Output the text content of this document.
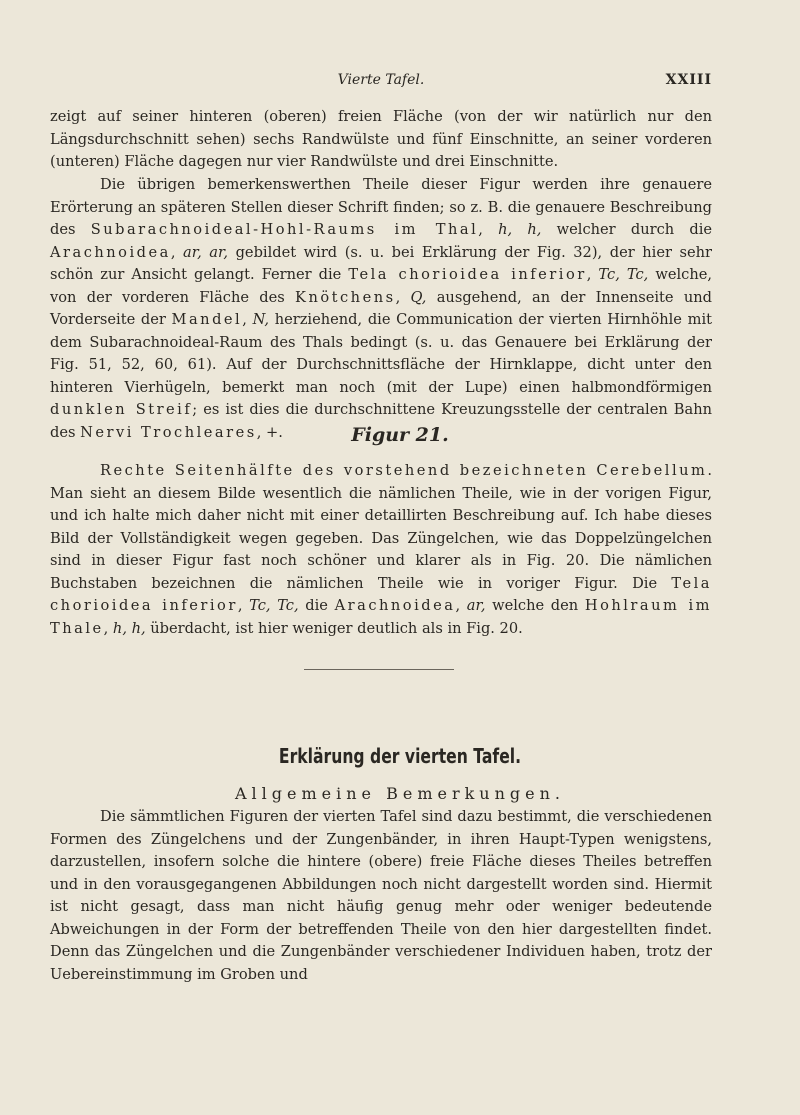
Vierte Tafel.	XXIII

zeigt auf seiner hinteren (oberen) freien Fläche (von der wir natürlich nur den Längsdurchschnitt sehen) sechs Randwülste und fünf Einschnitte, an seiner vorderen (unteren) Fläche dagegen nur vier Randwülste und drei Einschnitte.

Die übrigen bemerkenswerthen Theile dieser Figur werden ihre genauere Erörterung an späteren Stellen dieser Schrift finden; so z. B. die genauere Beschreibung des Subarachnoideal-Hohl-Raums im Thal, h, h, welcher durch die Arachnoidea, ar, ar, gebildet wird (s. u. bei Erklärung der Fig. 32), der hier sehr schön zur Ansicht gelangt. Ferner die Tela chorioidea inferior, Tc, Tc, welche, von der vorderen Fläche des Knötchens, Q, ausgehend, an der Innenseite und Vorderseite der Mandel, N, herziehend, die Communication der vierten Hirnhöhle mit dem Subarachnoideal-Raum des Thals bedingt (s. u. das Genauere bei Erklärung der Fig. 51, 52, 60, 61). Auf der Durchschnittsfläche der Hirnklappe, dicht unter den hinteren Vierhügeln, bemerkt man noch (mit der Lupe) einen halbmondförmigen dunklen Streif; es ist dies die durchschnittene Kreuzungsstelle der centralen Bahn des Nervi Trochleares, +.	Figur 21.

Rechte Seitenhälfte des vorstehend bezeichneten Cerebellum. Man sieht an diesem Bilde wesentlich die nämlichen Theile, wie in der vorigen Figur, und ich halte mich daher nicht mit einer detaillirten Beschreibung auf. Ich habe dieses Bild der Vollständigkeit wegen gegeben. Das Züngelchen, wie das Doppelzüngelchen sind in dieser Figur fast noch schöner und klarer als in Fig. 20. Die nämlichen Buchstaben bezeichnen die nämlichen Theile wie in voriger Figur. Die Tela chorioidea inferior, Tc, Tc, die Arachnoidea, ar, welche den Hohlraum im Thale, h, h, überdacht, ist hier weniger deutlich als in Fig. 20.

Erklärung der vierten Tafel.
Allgemeine Bemerkungen.

Die sämmtlichen Figuren der vierten Tafel sind dazu bestimmt, die verschiedenen Formen des Züngelchens und der Zungenbänder, in ihren Haupt-Typen wenigstens, darzustellen, insofern solche die hintere (obere) freie Fläche dieses Theiles betreffen und in den vorausgegangenen Abbildungen noch nicht dargestellt worden sind. Hiermit ist nicht gesagt, dass man nicht häufig genug mehr oder weniger bedeutende Abweichungen in der Form der betreffenden Theile von den hier dargestellten findet. Denn das Züngelchen und die Zungenbänder verschiedener Individuen haben, trotz der Uebereinstimmung im Groben und
